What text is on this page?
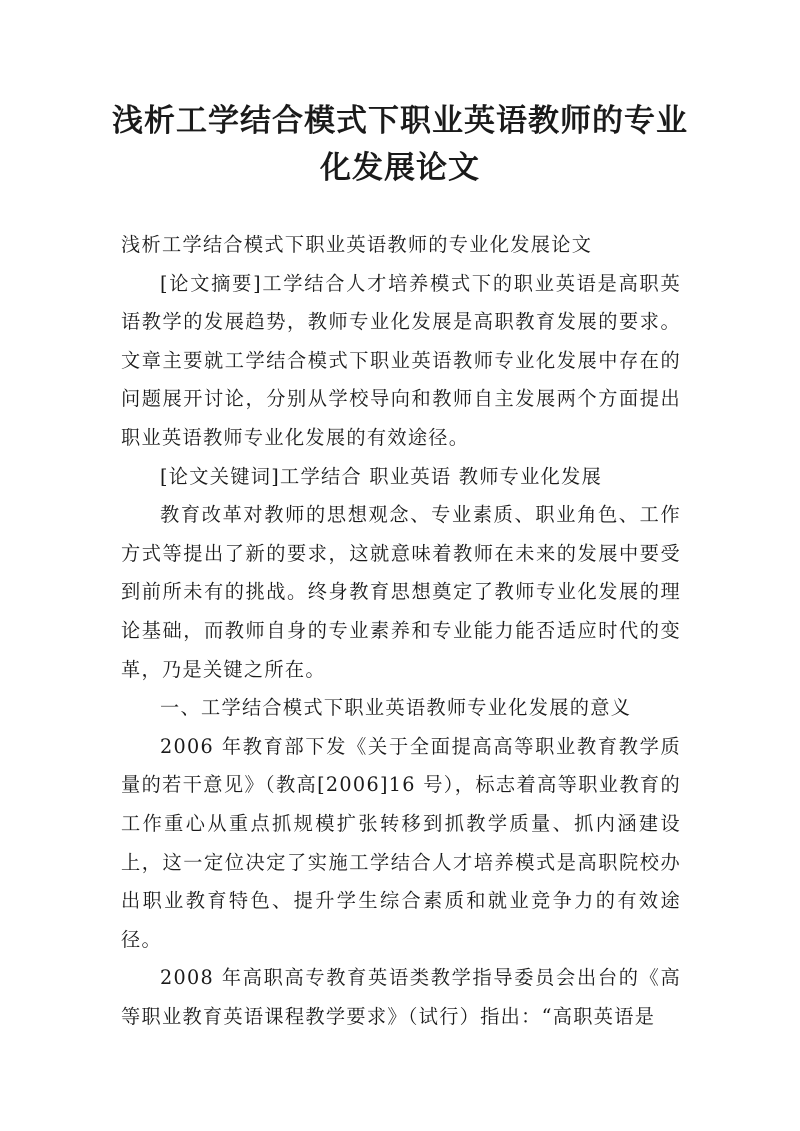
浅析工学结合模式下职业英语教师的专业
化发展论文

浅析工学结合模式下职业英语教师的专业化发展论文

[论文摘要]工学结合人才培养模式下的职业英语是高职英语教学的发展趋势，教师专业化发展是高职教育发展的要求。文章主要就工学结合模式下职业英语教师专业化发展中存在的问题展开讨论，分别从学校导向和教师自主发展两个方面提出职业英语教师专业化发展的有效途径。

[论文关键词]工学结合 职业英语 教师专业化发展

教育改革对教师的思想观念、专业素质、职业角色、工作方式等提出了新的要求，这就意味着教师在未来的发展中要受到前所未有的挑战。终身教育思想奠定了教师专业化发展的理论基础，而教师自身的专业素养和专业能力能否适应时代的变革，乃是关键之所在。

一、工学结合模式下职业英语教师专业化发展的意义

2006 年教育部下发《关于全面提高高等职业教育教学质量的若干意见》（教高[2006]16 号），标志着高等职业教育的工作重心从重点抓规模扩张转移到抓教学质量、抓内涵建设上，这一定位决定了实施工学结合人才培养模式是高职院校办出职业教育特色、提升学生综合素质和就业竞争力的有效途径。

2008 年高职高专教育英语类教学指导委员会出台的《高等职业教育英语课程教学要求》（试行）指出：“高职英语是
